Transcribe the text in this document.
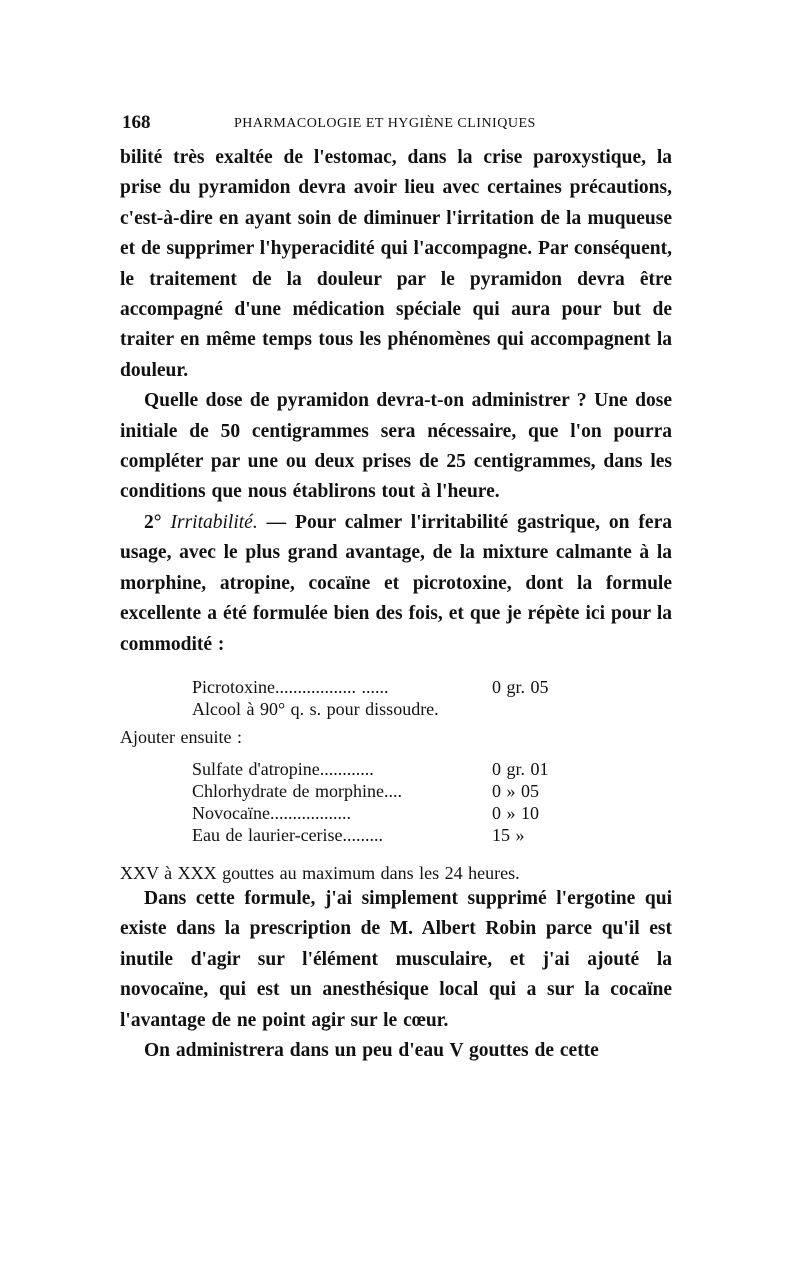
168	PHARMACOLOGIE ET HYGIÈNE CLINIQUES

bilité très exaltée de l'estomac, dans la crise paroxystique, la prise du pyramidon devra avoir lieu avec certaines précautions, c'est-à-dire en ayant soin de diminuer l'irritation de la muqueuse et de supprimer l'hyperacidité qui l'accompagne. Par conséquent, le traitement de la douleur par le pyramidon devra être accompagné d'une médication spéciale qui aura pour but de traiter en même temps tous les phénomènes qui accompagnent la douleur.

Quelle dose de pyramidon devra-t-on administrer ? Une dose initiale de 50 centigrammes sera nécessaire, que l'on pourra compléter par une ou deux prises de 25 centigrammes, dans les conditions que nous établirons tout à l'heure.

2° Irritabilité. — Pour calmer l'irritabilité gastrique, on fera usage, avec le plus grand avantage, de la mixture calmante à la morphine, atropine, cocaïne et picrotoxine, dont la formule excellente a été formulée bien des fois, et que je répète ici pour la commodité :

Picrotoxine.................. ......	0 gr. 05
Alcool à 90° q. s. pour dissoudre.
Ajouter ensuite :
Sulfate d'atropine............	0 gr. 01
Chlorhydrate de morphine....	0 » 05
Novocaïne..................	0 » 10
Eau de laurier-cerise.........	15 »
XXV à XXX gouttes au maximum dans les 24 heures.

Dans cette formule, j'ai simplement supprimé l'ergotine qui existe dans la prescription de M. Albert Robin parce qu'il est inutile d'agir sur l'élément musculaire, et j'ai ajouté la novocaïne, qui est un anesthésique local qui a sur la cocaïne l'avantage de ne point agir sur le cœur.

On administrera dans un peu d'eau V gouttes de cette
